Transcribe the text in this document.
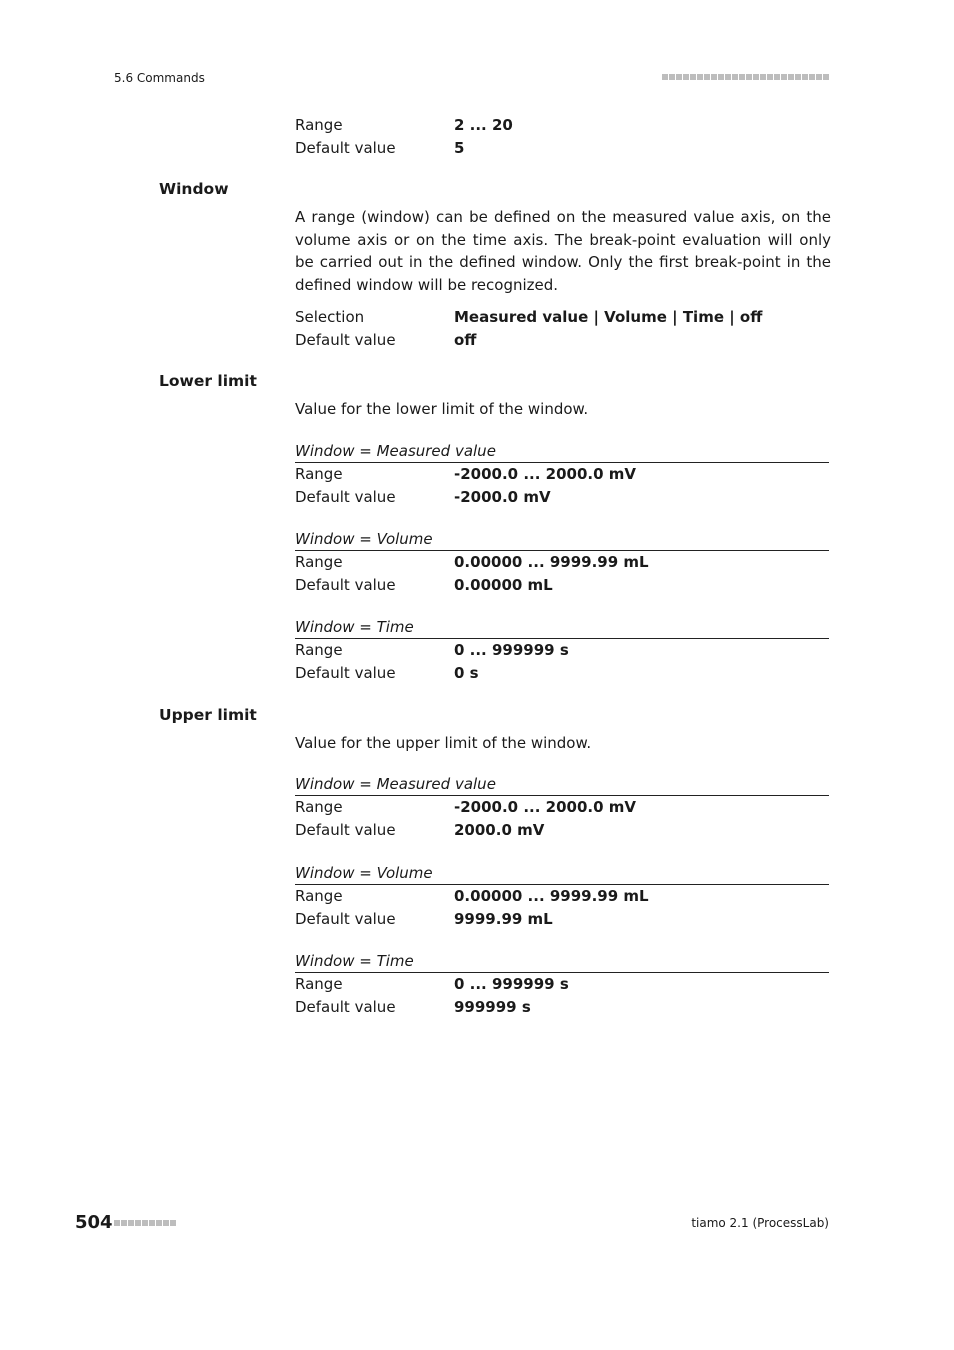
5.6 Commands
Range	2 ... 20
Default value	5
Window
A range (window) can be defined on the measured value axis, on the volume axis or on the time axis. The break-point evaluation will only be carried out in the defined window. Only the first break-point in the defined window will be recognized.
Selection	Measured value | Volume | Time | off
Default value	off
Lower limit
Value for the lower limit of the window.
Window = Measured value
Range	-2000.0 ... 2000.0 mV
Default value	-2000.0 mV
Window = Volume
Range	0.00000 ... 9999.99 mL
Default value	0.00000 mL
Window = Time
Range	0 ... 999999 s
Default value	0 s
Upper limit
Value for the upper limit of the window.
Window = Measured value
Range	-2000.0 ... 2000.0 mV
Default value	2000.0 mV
Window = Volume
Range	0.00000 ... 9999.99 mL
Default value	9999.99 mL
Window = Time
Range	0 ... 999999 s
Default value	999999 s
504	tiamo 2.1 (ProcessLab)
